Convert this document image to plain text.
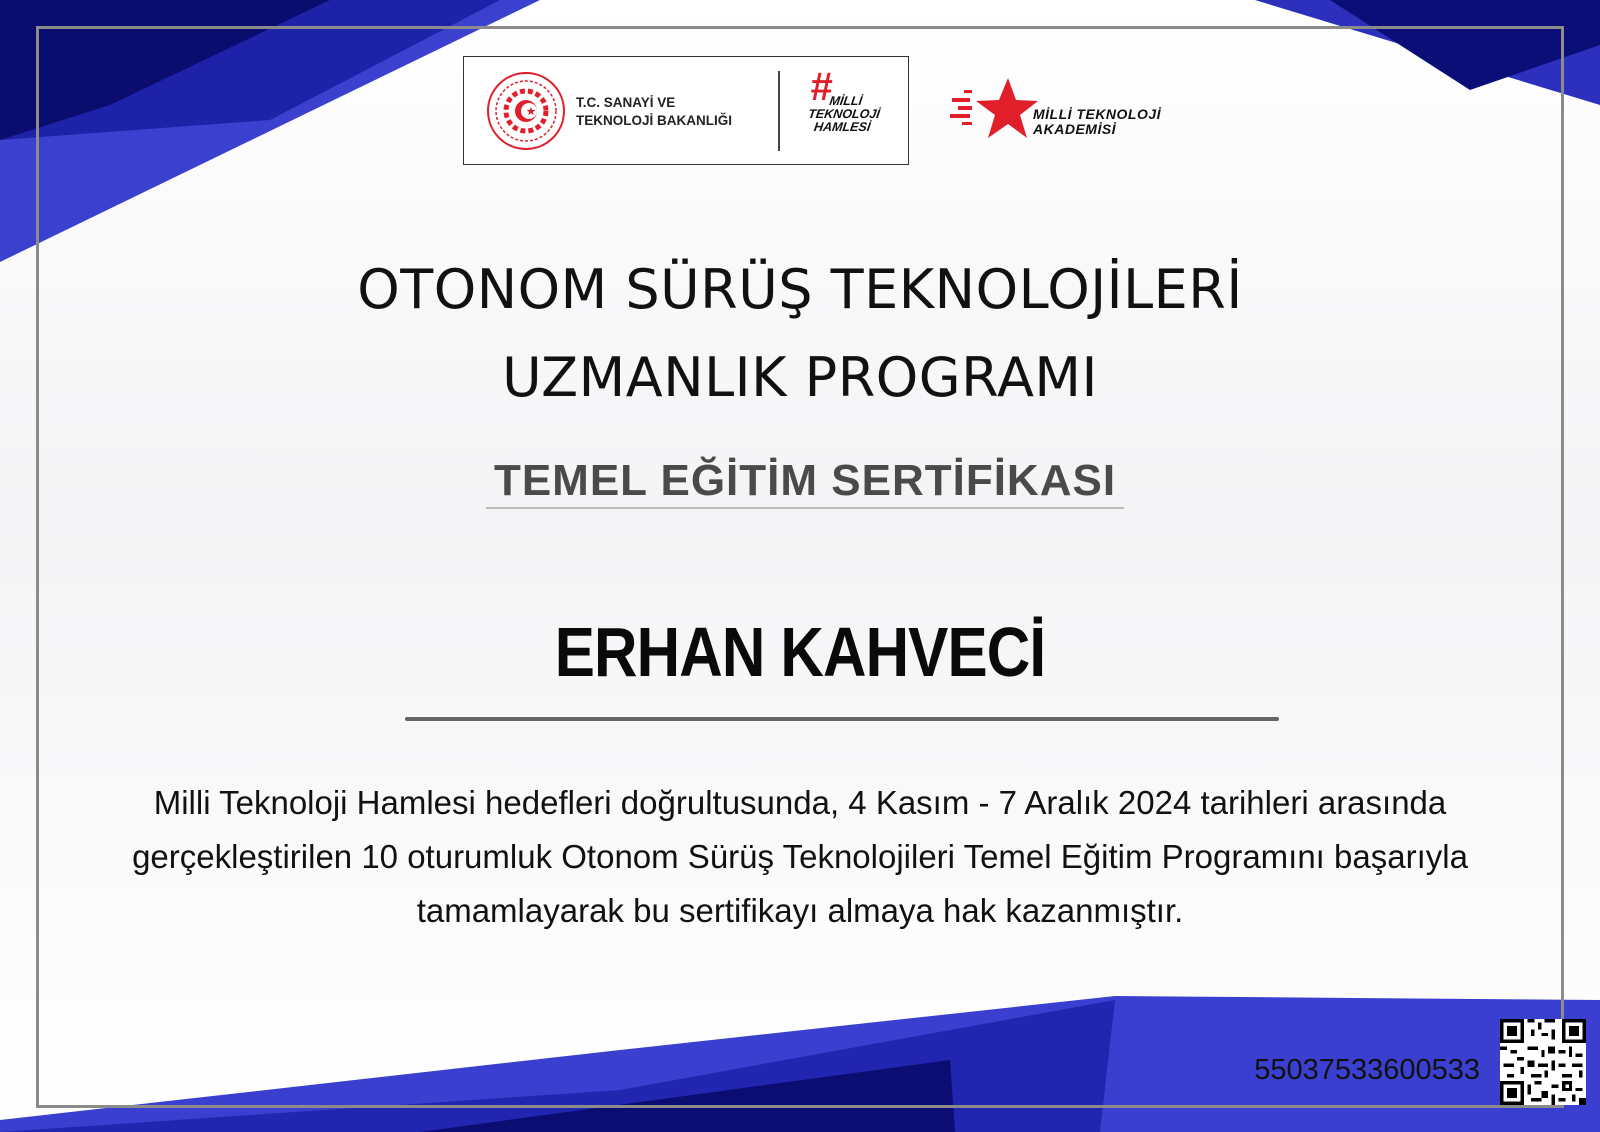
T.C. SANAYİ VE
TEKNOLOJİ BAKANLIĞI
#
MİLLİ
TEKNOLOJİ
HAMLESİ
MİLLİ TEKNOLOJİ
AKADEMİSİ
OTONOM SÜRÜŞ TEKNOLOJİLERİ
UZMANLIK PROGRAMI
TEMEL EĞİTİM SERTİFİKASI
ERHAN KAHVECİ
Milli Teknoloji Hamlesi hedefleri doğrultusunda, 4 Kasım - 7 Aralık 2024 tarihleri arasında gerçekleştirilen 10 oturumluk Otonom Sürüş Teknolojileri Temel Eğitim Programını başarıyla tamamlayarak bu sertifikayı almaya hak kazanmıştır.
55037533600533
